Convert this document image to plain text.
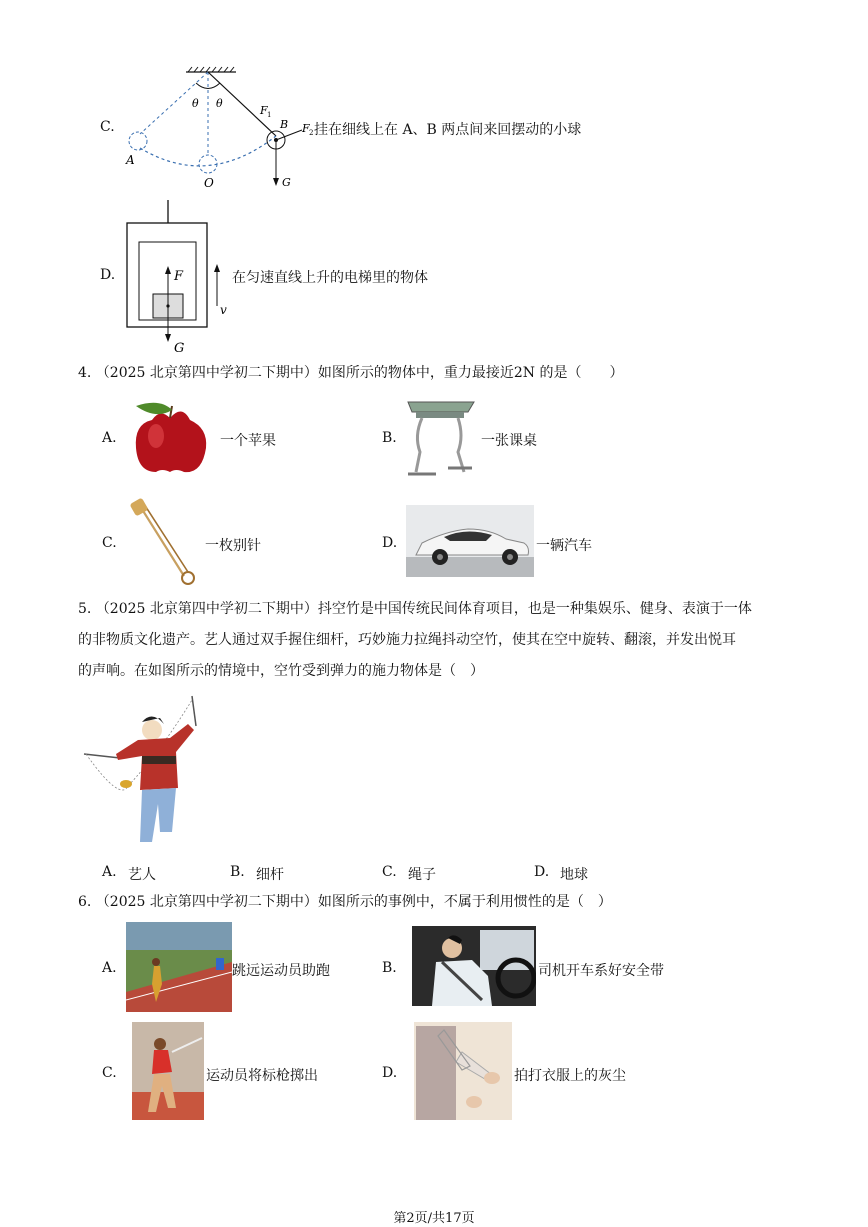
C.
θ θ
A
O
B
F 1
F 2
G
挂在细线上在 A、B 两点间来回摆动的小球
D.	F
G
v
在匀速直线上升的电梯里的物体
4. （2025 北京第四中学初二下期中）如图所示的物体中，重力最接近2N 的是（　　）
A.	一个苹果	B.	一张课桌
C.	一枚别针	D.	一辆汽车
5. （2025 北京第四中学初二下期中）抖空竹是中国传统民间体育项目，也是一种集娱乐、健身、表演于一体
的非物质文化遗产。艺人通过双手握住细杆，巧妙施力拉绳抖动空竹，使其在空中旋转、翻滚，并发出悦耳
的声响。在如图所示的情境中，空竹受到弹力的施力物体是（　）
A. 艺人	B. 细杆	C. 绳子	D. 地球
6. （2025 北京第四中学初二下期中）如图所示的事例中，不属于利用惯性的是（　）
A.	跳远运动员助跑	B.	司机开车系好安全带
C.	运动员将标枪掷出	D.	拍打衣服上的灰尘
第2页/共17页
